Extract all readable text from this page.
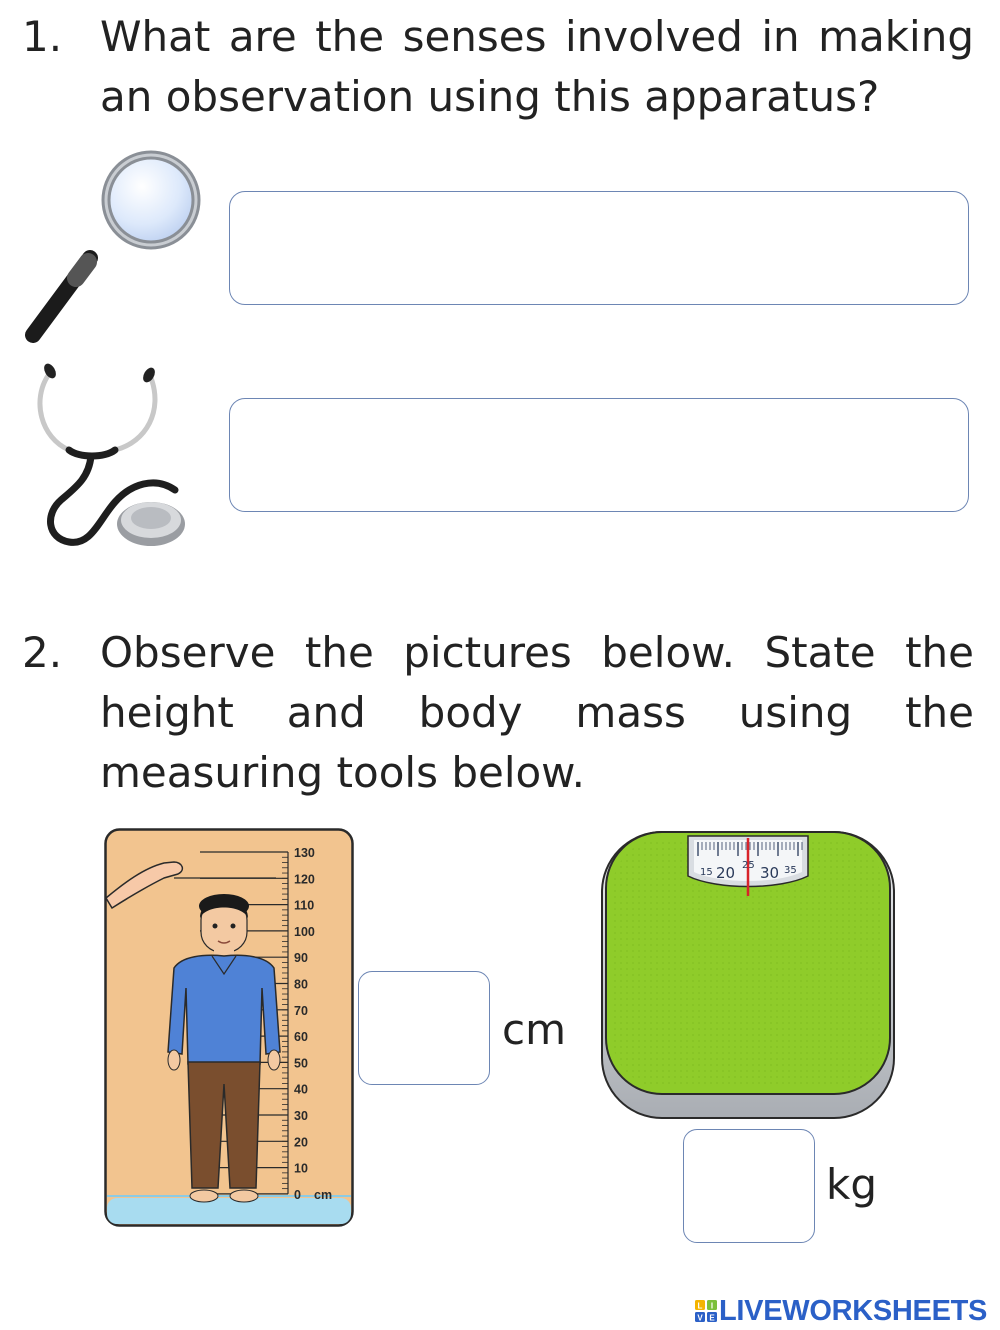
1. What are the senses involved in making
an observation using this apparatus?
2. Observe the pictures below. State the
height and body mass using the
measuring tools below.
130
120
110
100
90
80
70
60
50
40
30
20
10
0 cm
cm
15 20 25 30 35
kg
L I
V E LIVEWORKSHEETS
